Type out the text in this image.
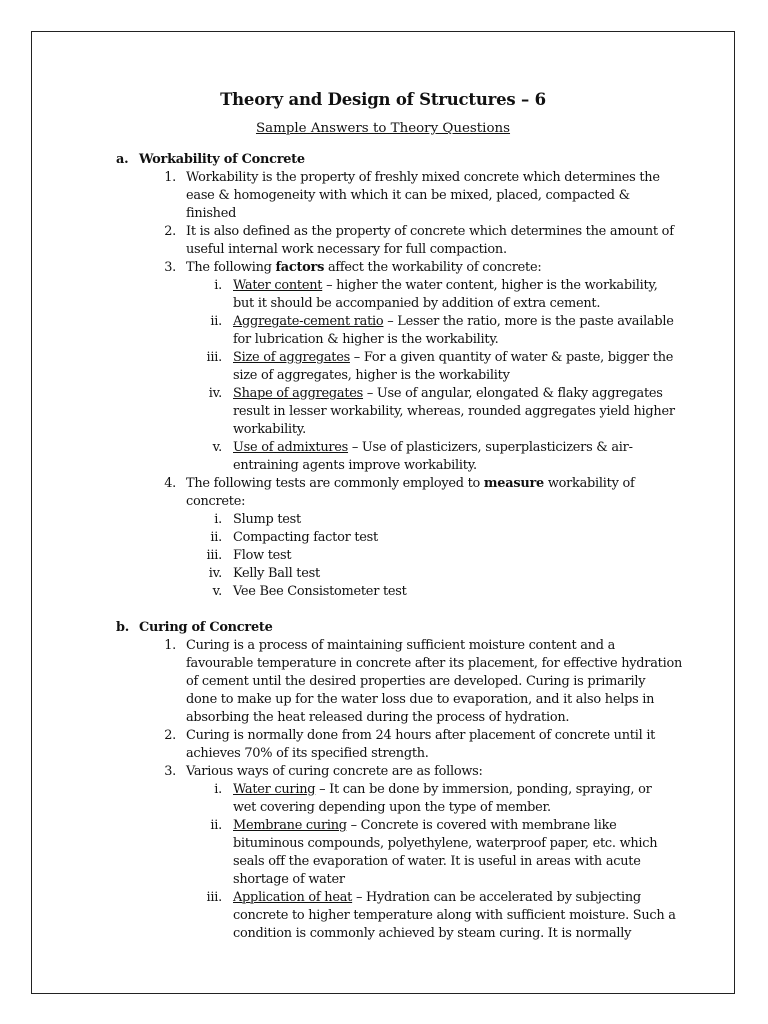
Theory and Design of Structures – 6
Sample Answers to Theory Questions
a. Workability of Concrete
1. Workability is the property of freshly mixed concrete which determines the
ease & homogeneity with which it can be mixed, placed, compacted &
finished
2. It is also defined as the property of concrete which determines the amount of
useful internal work necessary for full compaction.
3. The following factors affect the workability of concrete:
i. Water content – higher the water content, higher is the workability,
but it should be accompanied by addition of extra cement.
ii. Aggregate-cement ratio – Lesser the ratio, more is the paste available
for lubrication & higher is the workability.
iii. Size of aggregates – For a given quantity of water & paste, bigger the
size of aggregates, higher is the workability
iv. Shape of aggregates – Use of angular, elongated & flaky aggregates
result in lesser workability, whereas, rounded aggregates yield higher
workability.
v. Use of admixtures – Use of plasticizers, superplasticizers & air-
entraining agents improve workability.
4. The following tests are commonly employed to measure workability of
concrete:
i. Slump test
ii. Compacting factor test
iii. Flow test
iv. Kelly Ball test
v. Vee Bee Consistometer test
b. Curing of Concrete
1. Curing is a process of maintaining sufficient moisture content and a
favourable temperature in concrete after its placement, for effective hydration
of cement until the desired properties are developed. Curing is primarily
done to make up for the water loss due to evaporation, and it also helps in
absorbing the heat released during the process of hydration.
2. Curing is normally done from 24 hours after placement of concrete until it
achieves 70% of its specified strength.
3. Various ways of curing concrete are as follows:
i. Water curing – It can be done by immersion, ponding, spraying, or
wet covering depending upon the type of member.
ii. Membrane curing – Concrete is covered with membrane like
bituminous compounds, polyethylene, waterproof paper, etc. which
seals off the evaporation of water. It is useful in areas with acute
shortage of water
iii. Application of heat – Hydration can be accelerated by subjecting
concrete to higher temperature along with sufficient moisture. Such a
condition is commonly achieved by steam curing. It is normally
